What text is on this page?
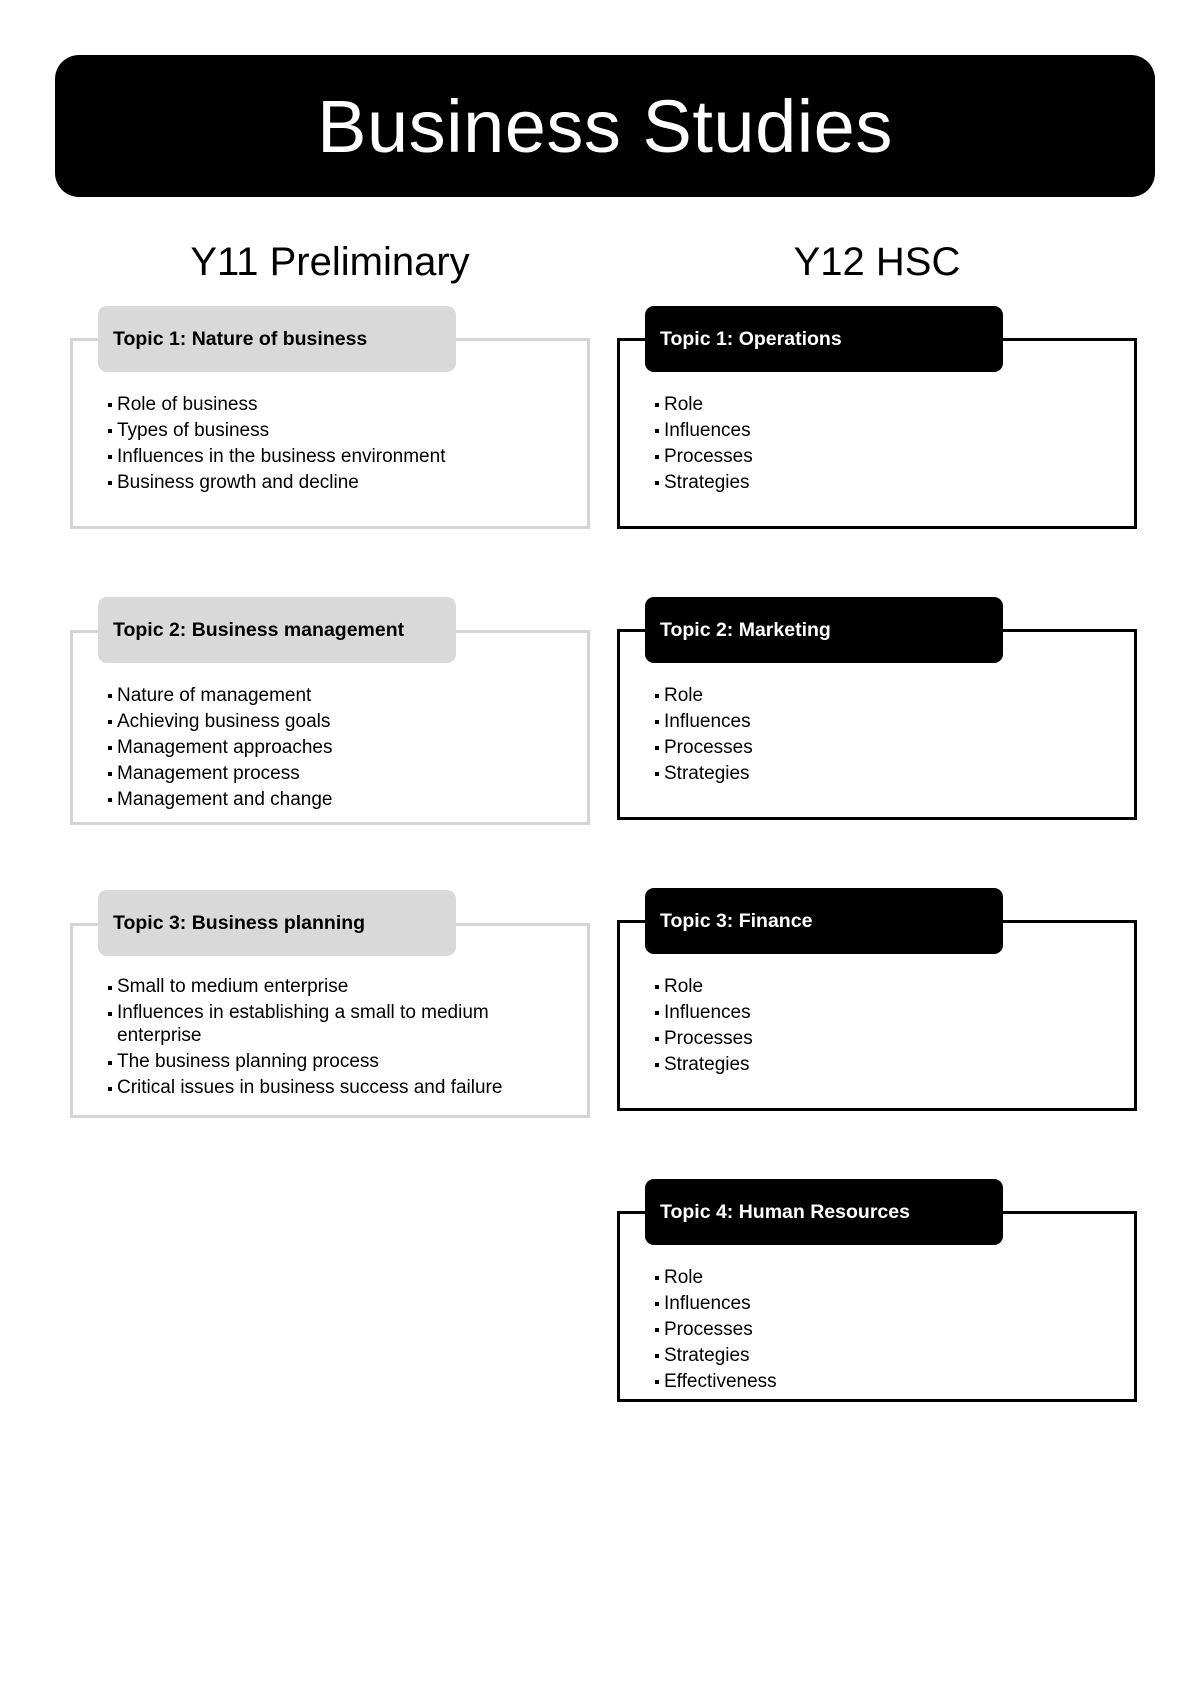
Business Studies
Y11 Preliminary	Y12 HSC
Topic 1: Nature of business
Role of business
Types of business
Influences in the business environment
Business growth and decline
Topic 2: Business management
Nature of management
Achieving business goals
Management approaches
Management process
Management and change
Topic 3: Business planning
Small to medium enterprise
Influences in establishing a small to medium enterprise
The business planning process
Critical issues in business success and failure
Topic 1: Operations
Role
Influences
Processes
Strategies
Topic 2: Marketing
Role
Influences
Processes
Strategies
Topic 3: Finance
Role
Influences
Processes
Strategies
Topic 4: Human Resources
Role
Influences
Processes
Strategies
Effectiveness
